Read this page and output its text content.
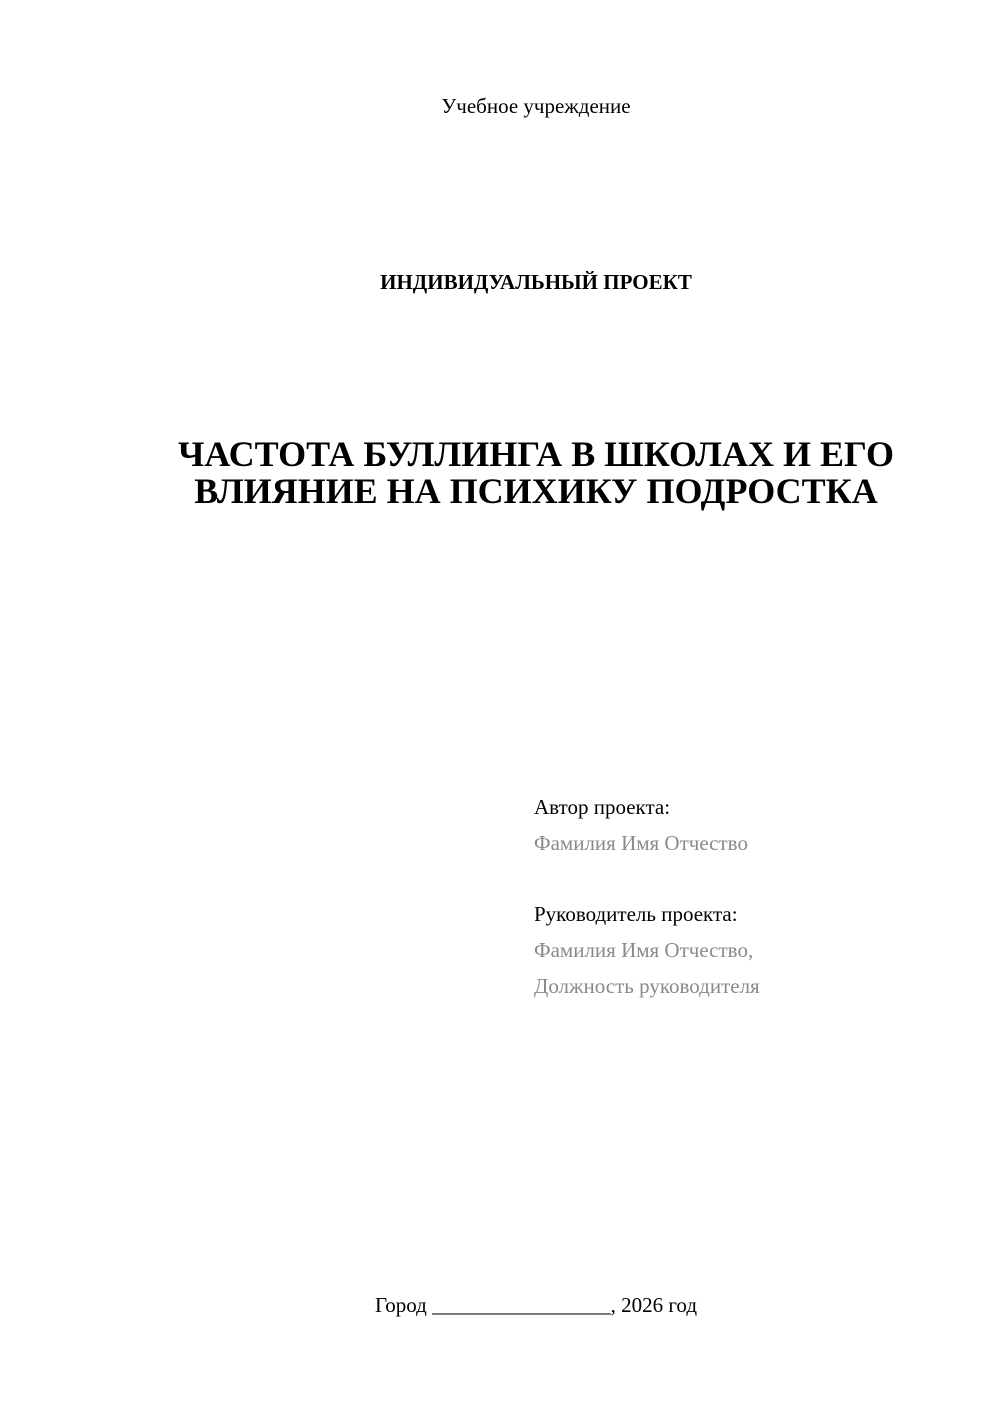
Учебное учреждение
ИНДИВИДУАЛЬНЫЙ ПРОЕКТ
ЧАСТОТА БУЛЛИНГА В ШКОЛАХ И ЕГО
ВЛИЯНИЕ НА ПСИХИКУ ПОДРОСТКА
Автор проекта:
Фамилия Имя Отчество
Руководитель проекта:
Фамилия Имя Отчество,
Должность руководителя
Город _________________, 2026 год
